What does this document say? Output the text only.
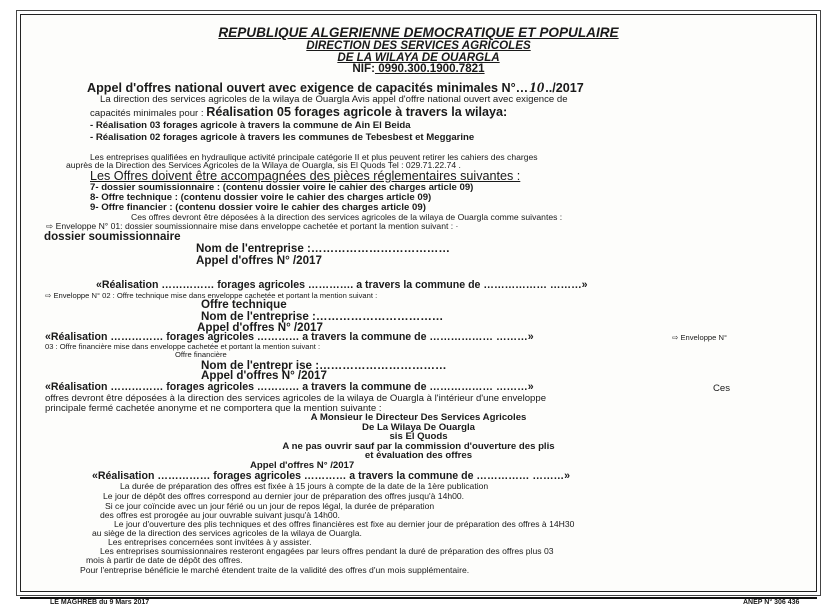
REPUBLIQUE ALGERIENNE DEMOCRATIQUE ET POPULAIRE
DIRECTION DES SERVICES AGRICOLES
DE LA WILAYA DE OUARGLA
NIF: 0990.300.1900.7821
Appel d'offres national ouvert avec exigence de capacités minimales N°…10../2017
La direction des services agricoles de la wilaya de Ouargla Avis appel d'offre national ouvert avec exigence de
capacités minimales pour : Réalisation 05 forages agricole à travers la wilaya:
- Réalisation 03 forages agricole à travers la commune de Ain El Beida
- Réalisation 02 forages agricole à travers les communes de Tebesbest et Meggarine
Les entreprises qualifiées en hydraulique activité principale catégorie II et plus peuvent retirer les cahiers des charges
auprès de la Direction des Services Agricoles de la Wilaya de Ouargla, sis El Quods Tel : 029.71.22.74 .
Les Offres doivent être accompagnées des pièces réglementaires suivantes :
7- dossier soumissionnaire : (contenu dossier voire le cahier des charges article 09)
8- Offre technique : (contenu dossier voire le cahier des charges article 09)
9- Offre financier : (contenu dossier voire le cahier des charges article 09)
Ces offres devront être déposées à la direction des services agricoles de la wilaya de Ouargla comme suivantes :
⇨ Enveloppe N° 01: dossier soumissionnaire mise dans enveloppe cachetée et portant la mention suivant : ·
dossier soumissionnaire
Nom de l'entreprise :………………………………
Appel d'offres N° /2017
«Réalisation …………… forages agricoles …………. a travers la commune de ……………… ………»
⇨ Enveloppe N° 02 : Offre technique mise dans enveloppe cachetée et portant la mention suivant :
Offre technique
Nom de l'entreprise :……………………………
Appel d'offres N° /2017
«Réalisation …………… forages agricoles ………… a travers la commune de ……………… ………»	⇨ Enveloppe N°
03 : Offre financière mise dans enveloppe cachetée et portant la mention suivant :
Offre financière
Nom de l'entrepr ise :……………………………
Appel d'offres N° /2017
«Réalisation …………… forages agricoles ………… a travers la commune de ……………… ………»	Ces
offres devront être déposées à la direction des services agricoles de la wilaya de Ouargla à l'intérieur d'une enveloppe
principale fermé cachetée anonyme et ne comportera que la mention suivante :
A Monsieur le Directeur Des Services Agricoles
De La Wilaya De Ouargla
sis El Quods
A ne pas ouvrir sauf par la commission d'ouverture des plis
et évaluation des offres
Appel d'offres N° /2017
«Réalisation …………… forages agricoles ………… a travers la commune de …………… ………»
La durée de préparation des offres est fixée à 15 jours à compte de la date de la 1ère publication
Le jour de dépôt des offres correspond au dernier jour de préparation des offres jusqu'à 14h00.
Si ce jour coïncide avec un jour férié ou un jour de repos légal, la durée de préparation
des offres est prorogée au jour ouvrable suivant jusqu'à 14h00.
Le jour d'ouverture des plis techniques et des offres financières est fixe au dernier jour de préparation des offres à 14H30
au siège de la direction des services agricoles de la wilaya de Ouargla.
Les entreprises concernées sont invitées à y assister.
Les entreprises soumissionnaires resteront engagées par leurs offres pendant la duré de préparation des offres plus 03
mois à partir de date de dépôt des offres.
Pour l'entreprise bénéficie le marché étendent traite de la validité des offres d'un mois supplémentaire.
LE MAGHREB du 9 Mars 2017	ANEP N° 306 436
